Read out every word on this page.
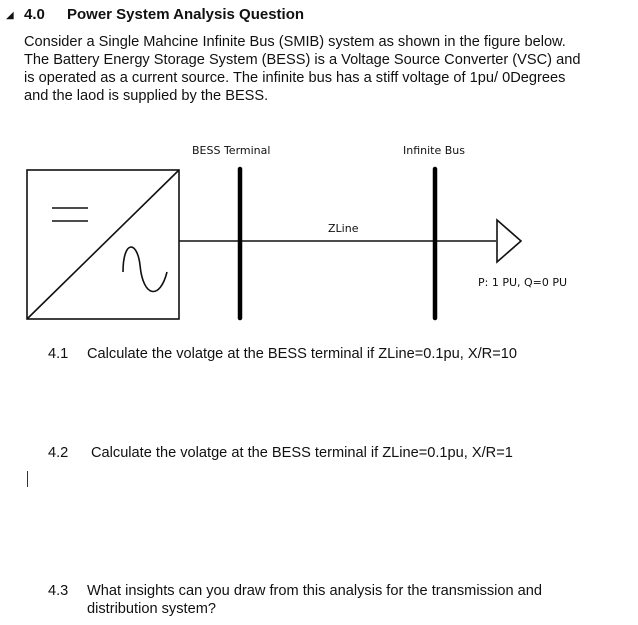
◢ 4.0 Power System Analysis Question
Consider a Single Mahcine Infinite Bus (SMIB) system as shown in the figure below.
The Battery Energy Storage System (BESS) is a Voltage Source Converter (VSC) and
is operated as a current source. The infinite bus has a stiff voltage of 1pu/ 0Degrees
and the laod is supplied by the BESS.
BESS Terminal	Infinite Bus
ZLine
P: 1 PU, Q=0 PU
4.1 Calculate the volatge at the BESS terminal if ZLine=0.1pu, X/R=10
4.2 Calculate the volatge at the BESS terminal if ZLine=0.1pu, X/R=1
4.3 What insights can you draw from this analysis for the transmission and
distribution system?
